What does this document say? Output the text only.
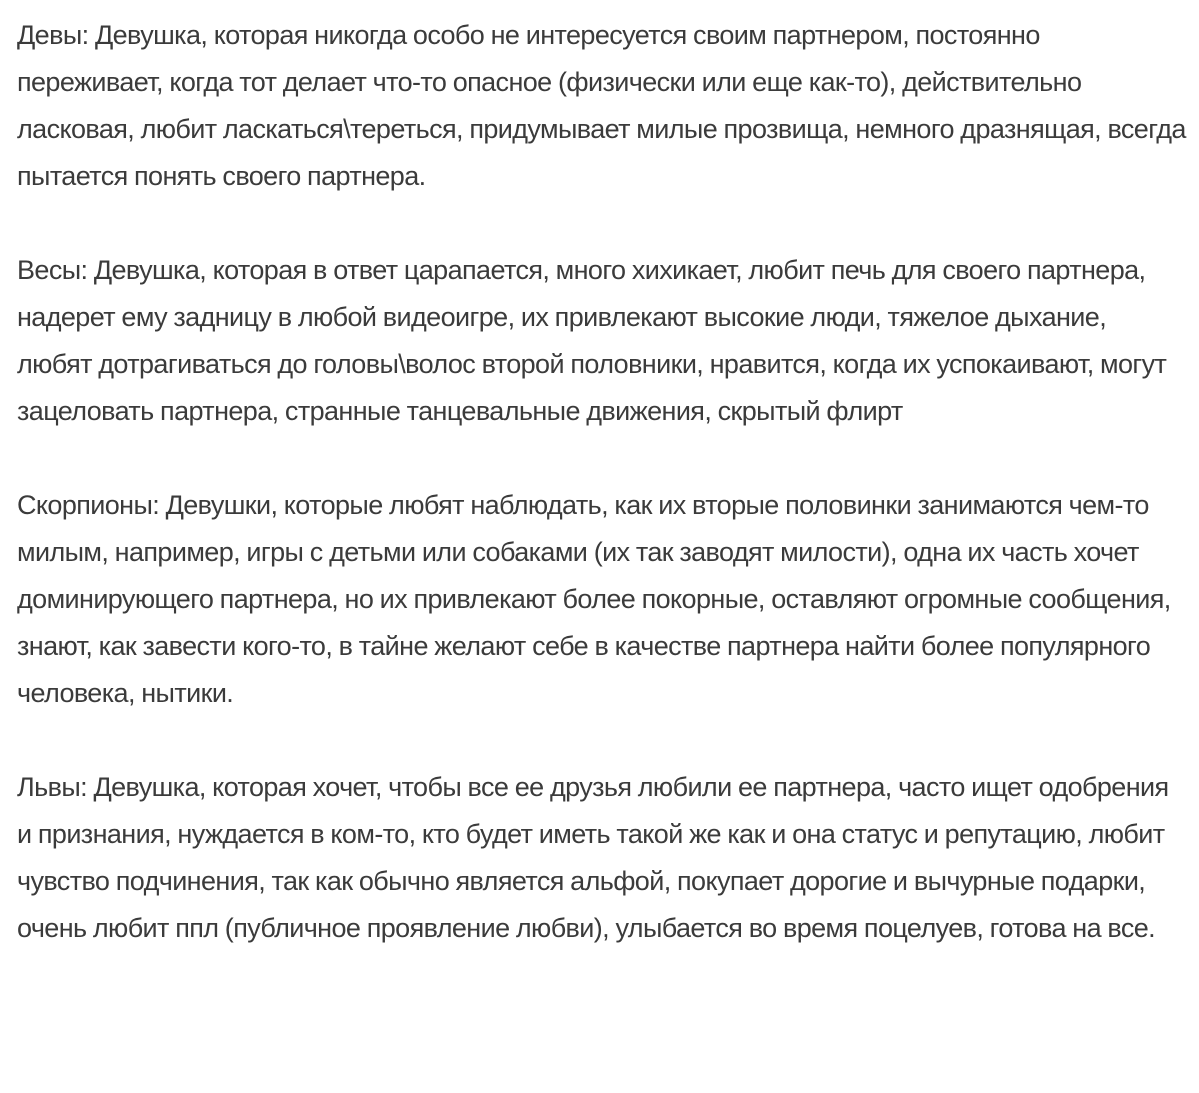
Девы: Девушка, которая никогда особо не интересуется своим партнером, постоянно переживает, когда тот делает что-то опасное (физически или еще как-то), действительно ласковая, любит ласкаться\тереться, придумывает милые прозвища, немного дразнящая, всегда пытается понять своего партнера.

Весы: Девушка, которая в ответ царапается, много хихикает, любит печь для своего партнера, надерет ему задницу в любой видеоигре, их привлекают высокие люди, тяжелое дыхание, любят дотрагиваться до головы\волос второй половники, нравится, когда их успокаивают, могут зацеловать партнера, странные танцевальные движения, скрытый флирт

Скорпионы: Девушки, которые любят наблюдать, как их вторые половинки занимаются чем-то милым, например, игры с детьми или собаками (их так заводят милости), одна их часть хочет доминирующего партнера, но их привлекают более покорные, оставляют огромные сообщения, знают, как завести кого-то, в тайне желают себе в качестве партнера найти более популярного человека, нытики.

Львы: Девушка, которая хочет, чтобы все ее друзья любили ее партнера, часто ищет одобрения и признания, нуждается в ком-то, кто будет иметь такой же как и она статус и репутацию, любит чувство подчинения, так как обычно является альфой, покупает дорогие и вычурные подарки, очень любит ппл (публичное проявление любви), улыбается во время поцелуев, готова на все.
